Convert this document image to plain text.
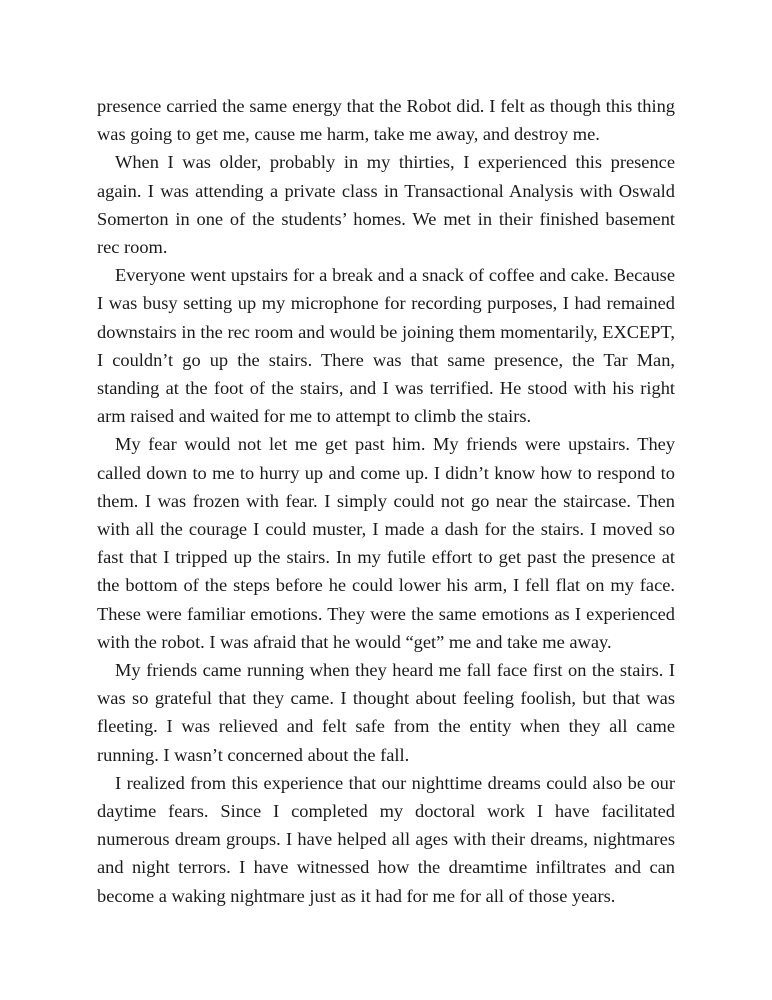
presence carried the same energy that the Robot did. I felt as though this thing was going to get me, cause me harm, take me away, and destroy me.

When I was older, probably in my thirties, I experienced this presence again. I was attending a private class in Transactional Analysis with Oswald Somerton in one of the students’ homes. We met in their finished basement rec room.

Everyone went upstairs for a break and a snack of coffee and cake. Because I was busy setting up my microphone for recording purposes, I had remained downstairs in the rec room and would be joining them momentarily, EXCEPT, I couldn’t go up the stairs. There was that same presence, the Tar Man, standing at the foot of the stairs, and I was terrified. He stood with his right arm raised and waited for me to attempt to climb the stairs.

My fear would not let me get past him. My friends were upstairs. They called down to me to hurry up and come up. I didn’t know how to respond to them. I was frozen with fear. I simply could not go near the staircase. Then with all the courage I could muster, I made a dash for the stairs. I moved so fast that I tripped up the stairs. In my futile effort to get past the presence at the bottom of the steps before he could lower his arm, I fell flat on my face. These were familiar emotions. They were the same emotions as I experienced with the robot. I was afraid that he would “get” me and take me away.

My friends came running when they heard me fall face first on the stairs. I was so grateful that they came. I thought about feeling foolish, but that was fleeting. I was relieved and felt safe from the entity when they all came running. I wasn’t concerned about the fall.

I realized from this experience that our nighttime dreams could also be our daytime fears. Since I completed my doctoral work I have facilitated numerous dream groups. I have helped all ages with their dreams, nightmares and night terrors. I have witnessed how the dreamtime infiltrates and can become a waking nightmare just as it had for me for all of those years.
